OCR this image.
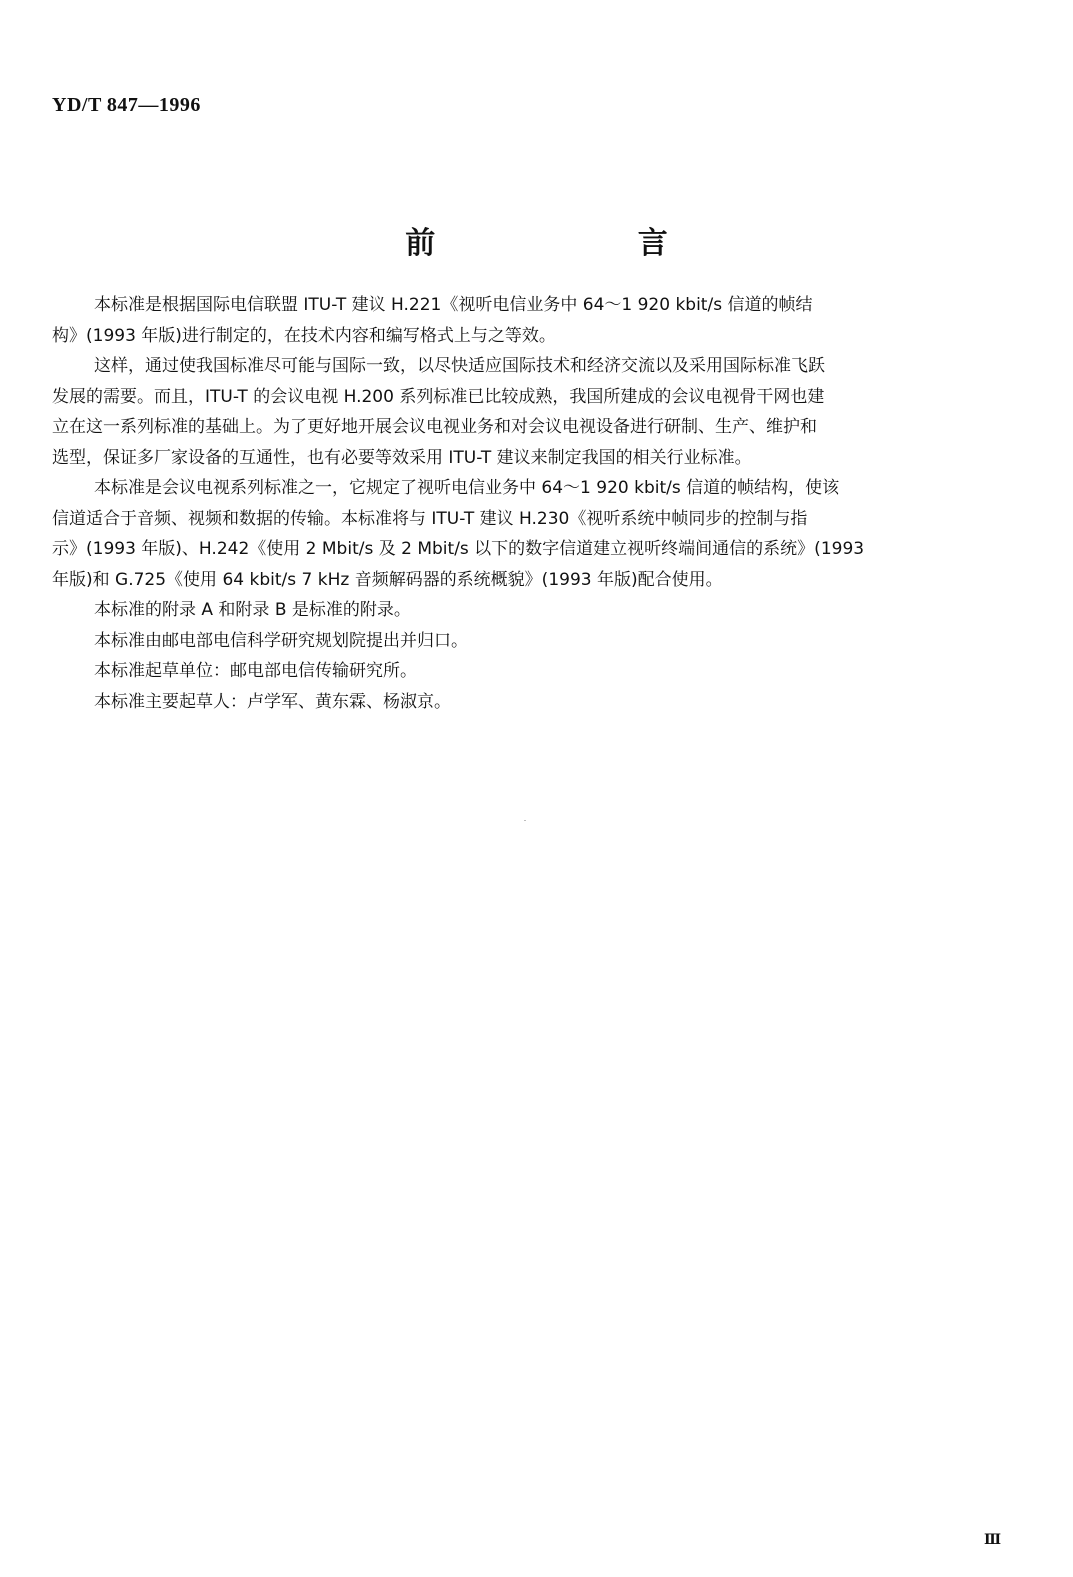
YD/T 847—1996
前 言
本标准是根据国际电信联盟 ITU-T 建议 H.221《视听电信业务中 64～1 920 kbit/s 信道的帧结
构》(1993 年版)进行制定的，在技术内容和编写格式上与之等效。
这样，通过使我国标准尽可能与国际一致，以尽快适应国际技术和经济交流以及采用国际标准飞跃
发展的需要。而且，ITU-T 的会议电视 H.200 系列标准已比较成熟，我国所建成的会议电视骨干网也建
立在这一系列标准的基础上。为了更好地开展会议电视业务和对会议电视设备进行研制、生产、维护和
选型，保证多厂家设备的互通性，也有必要等效采用 ITU-T 建议来制定我国的相关行业标准。
本标准是会议电视系列标准之一，它规定了视听电信业务中 64～1 920 kbit/s 信道的帧结构，使该
信道适合于音频、视频和数据的传输。本标准将与 ITU-T 建议 H.230《视听系统中帧同步的控制与指
示》(1993 年版)、H.242《使用 2 Mbit/s 及 2 Mbit/s 以下的数字信道建立视听终端间通信的系统》(1993
年版)和 G.725《使用 64 kbit/s 7 kHz 音频解码器的系统概貌》(1993 年版)配合使用。
本标准的附录 A 和附录 B 是标准的附录。
本标准由邮电部电信科学研究规划院提出并归口。
本标准起草单位：邮电部电信传输研究所。
本标准主要起草人：卢学军、黄东霖、杨淑京。
Ⅲ
